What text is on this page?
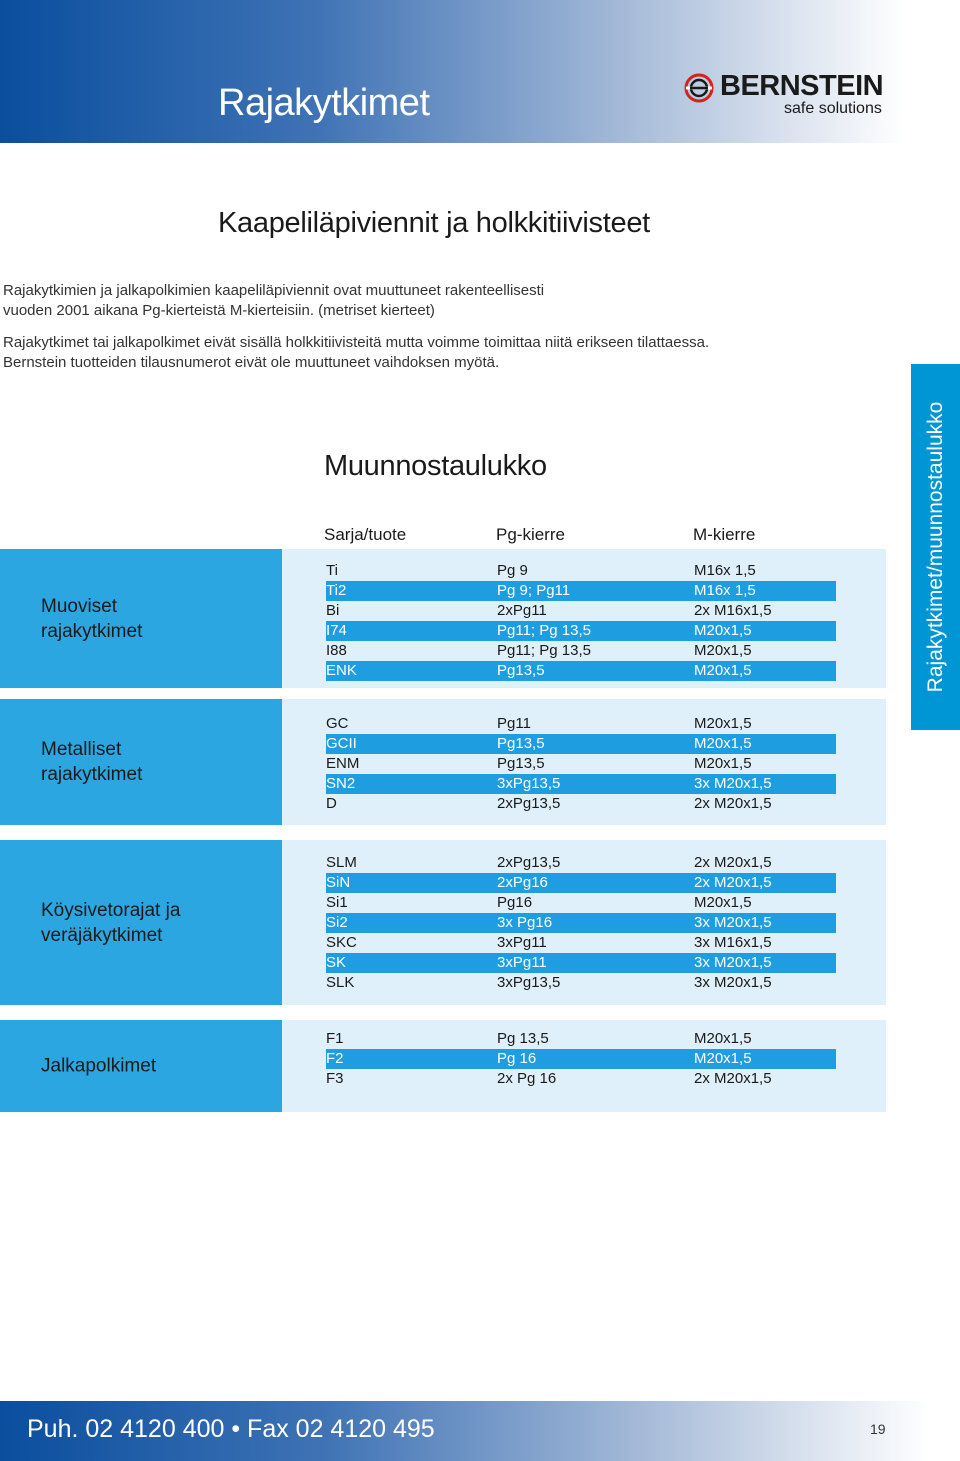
Rajakytkimet	BERNSTEIN
safe solutions
Kaapeliläpiviennit ja holkkitiivisteet

Rajakytkimien ja jalkapolkimien kaapeliläpiviennit ovat muuttuneet rakenteellisesti

vuoden 2001 aikana Pg-kierteistä M-kierteisiin. (metriset kierteet)

Rajakytkimet tai jalkapolkimet eivät sisällä holkkitiivisteitä mutta voimme toimittaa niitä erikseen tilattaessa.

Bernstein tuotteiden tilausnumerot eivät ole muuttuneet vaihdoksen myötä.

Rajakytkimet/muunnostaulukko
Muunnostaulukko
Sarja/tuote	Pg-kierre	M-kierre
Muoviset
rajakytkimet
Ti	Pg 9	M16x 1,5
Ti2	Pg 9; Pg11	M16x 1,5
Bi	2xPg11	2x M16x1,5
I74	Pg11; Pg 13,5	M20x1,5
I88	Pg11; Pg 13,5	M20x1,5
ENK	Pg13,5	M20x1,5
Metalliset
rajakytkimet
GC	Pg11	M20x1,5
GCII	Pg13,5	M20x1,5
ENM	Pg13,5	M20x1,5
SN2	3xPg13,5	3x M20x1,5
D	2xPg13,5	2x M20x1,5
Köysivetorajat ja
veräjäkytkimet
SLM	2xPg13,5	2x M20x1,5
SiN	2xPg16	2x M20x1,5
Si1	Pg16	M20x1,5
Si2	3x Pg16	3x M20x1,5
SKC	3xPg11	3x M16x1,5
SK	3xPg11	3x M20x1,5
SLK	3xPg13,5	3x M20x1,5
Jalkapolkimet
F1	Pg 13,5	M20x1,5
F2	Pg 16	M20x1,5
F3	2x Pg 16	2x M20x1,5
Puh. 02 4120 400 • Fax 02 4120 495	19
